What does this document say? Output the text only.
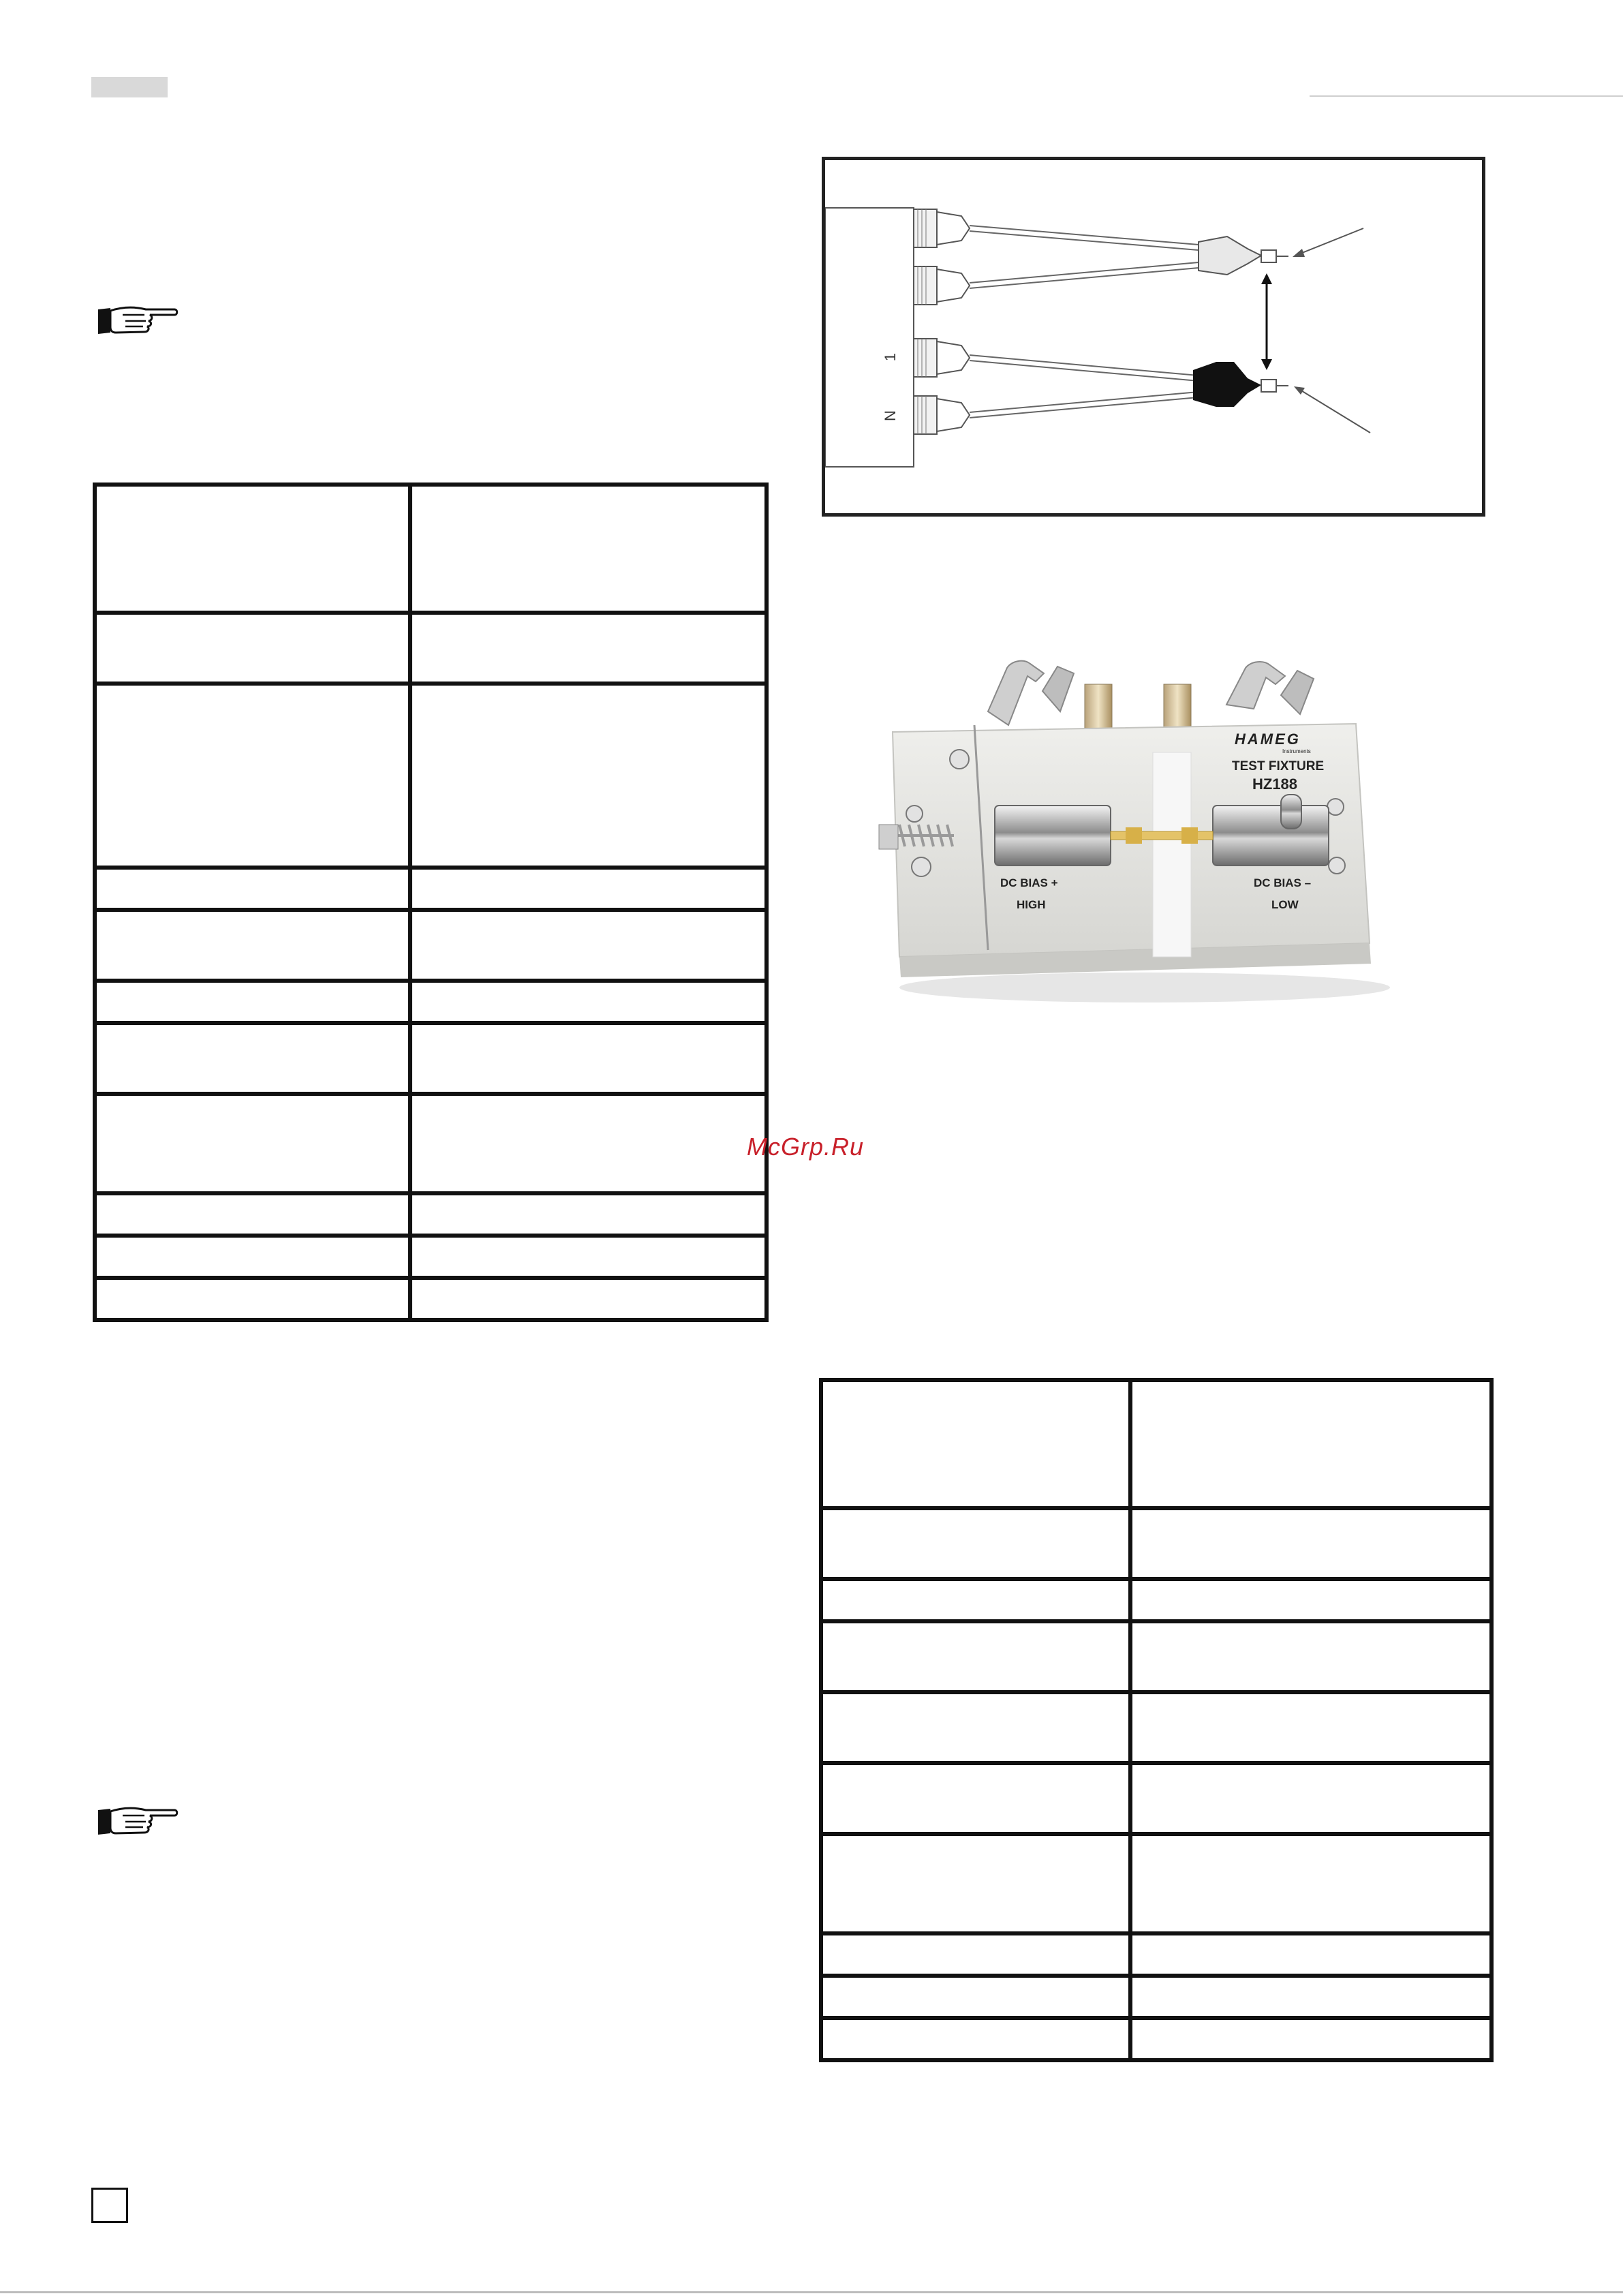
1
N
HAMEG
Instruments
TEST FIXTURE
HZ188
DC BIAS +
HIGH
DC BIAS –
LOW
McGrp.Ru
